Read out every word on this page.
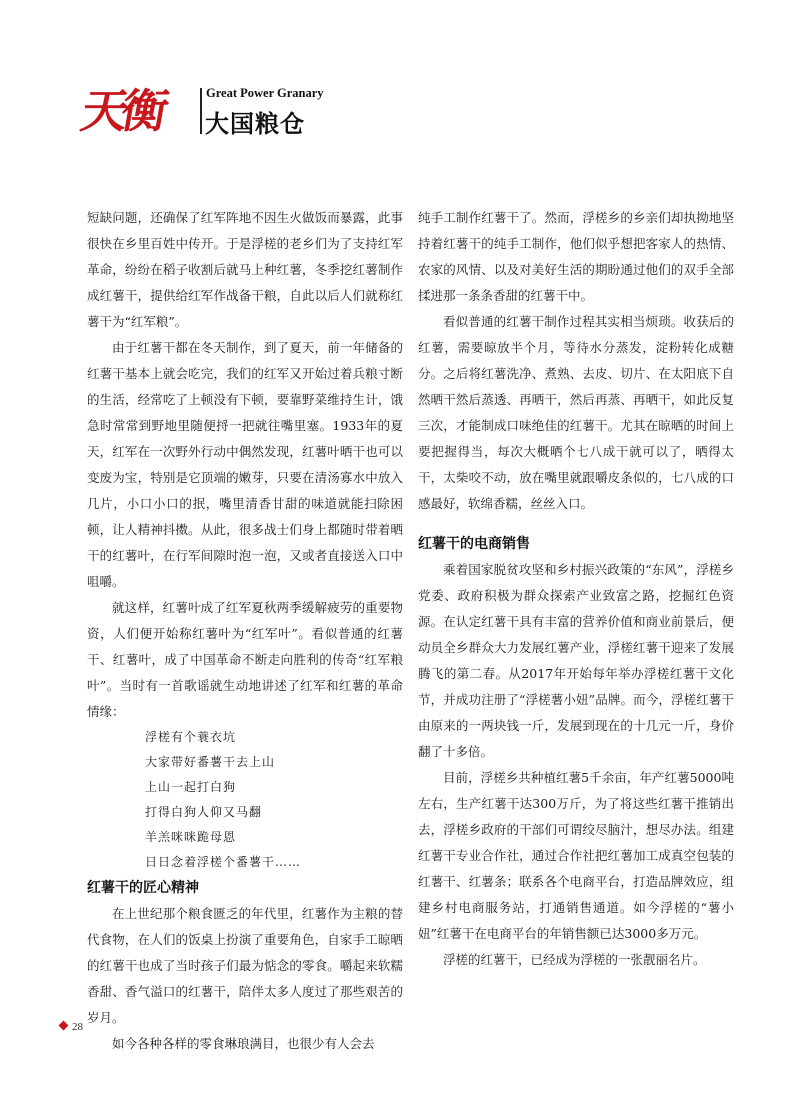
天衡	Great Power Granary
大国粮仓

短缺问题，还确保了红军阵地不因生火做饭而暴露，此事很快在乡里百姓中传开。于是浮槎的老乡们为了支持红军革命，纷纷在稻子收割后就马上种红薯，冬季挖红薯制作成红薯干，提供给红军作战备干粮，自此以后人们就称红薯干为“红军粮”。

由于红薯干都在冬天制作，到了夏天，前一年储备的红薯干基本上就会吃完，我们的红军又开始过着兵粮寸断的生活，经常吃了上顿没有下顿，要靠野菜维持生计，饿急时常常到野地里随便捋一把就往嘴里塞。1933年的夏天，红军在一次野外行动中偶然发现，红薯叶晒干也可以变废为宝，特别是它顶端的嫩芽，只要在清汤寡水中放入几片，小口小口的抿，嘴里清香甘甜的味道就能扫除困顿，让人精神抖擞。从此，很多战士们身上都随时带着晒干的红薯叶，在行军间隙时泡一泡，又或者直接送入口中咀嚼。

就这样，红薯叶成了红军夏秋两季缓解疲劳的重要物资，人们便开始称红薯叶为“红军叶”。看似普通的红薯干、红薯叶，成了中国革命不断走向胜利的传奇“红军粮叶”。当时有一首歌谣就生动地讲述了红军和红薯的革命情缘：

浮槎有个蓑衣坑
大家带好番薯干去上山
上山一起打白狗
打得白狗人仰又马翻
羊羔咪咪跪母恩
日日念着浮槎个番薯干……
红薯干的匠心精神

在上世纪那个粮食匮乏的年代里，红薯作为主粮的替代食物，在人们的饭桌上扮演了重要角色，自家手工晾晒的红薯干也成了当时孩子们最为惦念的零食。嚼起来软糯香甜、香气溢口的红薯干，陪伴太多人度过了那些艰苦的岁月。

如今各种各样的零食琳琅满目，也很少有人会去

纯手工制作红薯干了。然而，浮槎乡的乡亲们却执拗地坚持着红薯干的纯手工制作，他们似乎想把客家人的热情、农家的风情、以及对美好生活的期盼通过他们的双手全部揉进那一条条香甜的红薯干中。

看似普通的红薯干制作过程其实相当烦琐。收获后的红薯，需要晾放半个月，等待水分蒸发，淀粉转化成糖分。之后将红薯洗净、煮熟、去皮、切片、在太阳底下自然晒干然后蒸透、再晒干，然后再蒸、再晒干，如此反复三次，才能制成口味绝佳的红薯干。尤其在晾晒的时间上要把握得当，每次大概晒个七八成干就可以了，晒得太干，太柴咬不动，放在嘴里就跟嚼皮条似的，七八成的口感最好，软绵香糯，丝丝入口。

红薯干的电商销售

乘着国家脱贫攻坚和乡村振兴政策的“东风”，浮槎乡党委、政府积极为群众探索产业致富之路，挖掘红色资源。在认定红薯干具有丰富的营养价值和商业前景后，便动员全乡群众大力发展红薯产业，浮槎红薯干迎来了发展腾飞的第二春。从2017年开始每年举办浮槎红薯干文化节，并成功注册了“浮槎薯小妞”品牌。而今，浮槎红薯干由原来的一两块钱一斤，发展到现在的十几元一斤，身价翻了十多倍。

目前，浮槎乡共种植红薯5千余亩，年产红薯5000吨左右，生产红薯干达300万斤，为了将这些红薯干推销出去，浮槎乡政府的干部们可谓绞尽脑汁，想尽办法。组建红薯干专业合作社，通过合作社把红薯加工成真空包装的红薯干、红薯条；联系各个电商平台，打造品牌效应，组建乡村电商服务站，打通销售通道。如今浮槎的“薯小妞”红薯干在电商平台的年销售额已达3000多万元。

浮槎的红薯干，已经成为浮槎的一张靓丽名片。

28
